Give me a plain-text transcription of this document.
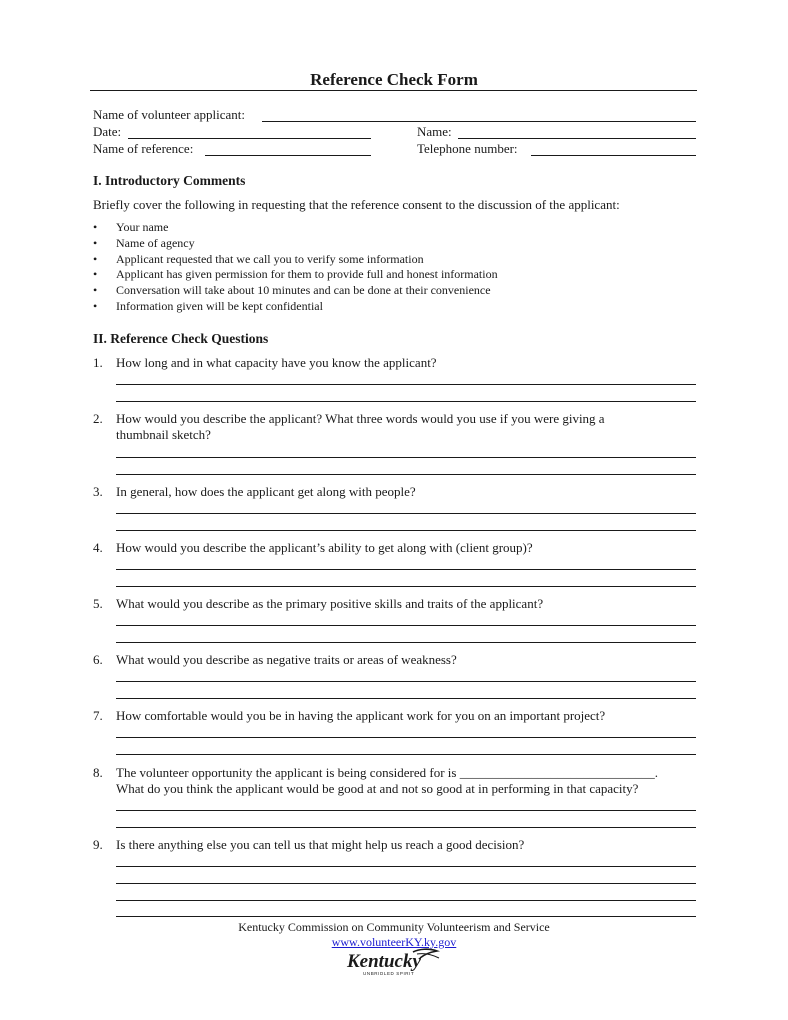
Reference Check Form
Name of volunteer applicant:
Date:	Name:
Name of reference:	Telephone number:
I. Introductory Comments
Briefly cover the following in requesting that the reference consent to the discussion of the applicant:
• Your name
• Name of agency
• Applicant requested that we call you to verify some information
• Applicant has given permission for them to provide full and honest information
• Conversation will take about 10 minutes and can be done at their convenience
• Information given will be kept confidential
II. Reference Check Questions
1. How long and in what capacity have you know the applicant?
2. How would you describe the applicant? What three words would you use if you were giving a
thumbnail sketch?
3. In general, how does the applicant get along with people?
4. How would you describe the applicant’s ability to get along with (client group)?
5. What would you describe as the primary positive skills and traits of the applicant?
6. What would you describe as negative traits or areas of weakness?
7. How comfortable would you be in having the applicant work for you on an important project?
8. The volunteer opportunity the applicant is being considered for is ______________________________.
What do you think the applicant would be good at and not so good at in performing in that capacity?
9. Is there anything else you can tell us that might help us reach a good decision?
Kentucky Commission on Community Volunteerism and Service
www.volunteerKY.ky.gov
Kentucky
UNBRIDLED SPIRIT
